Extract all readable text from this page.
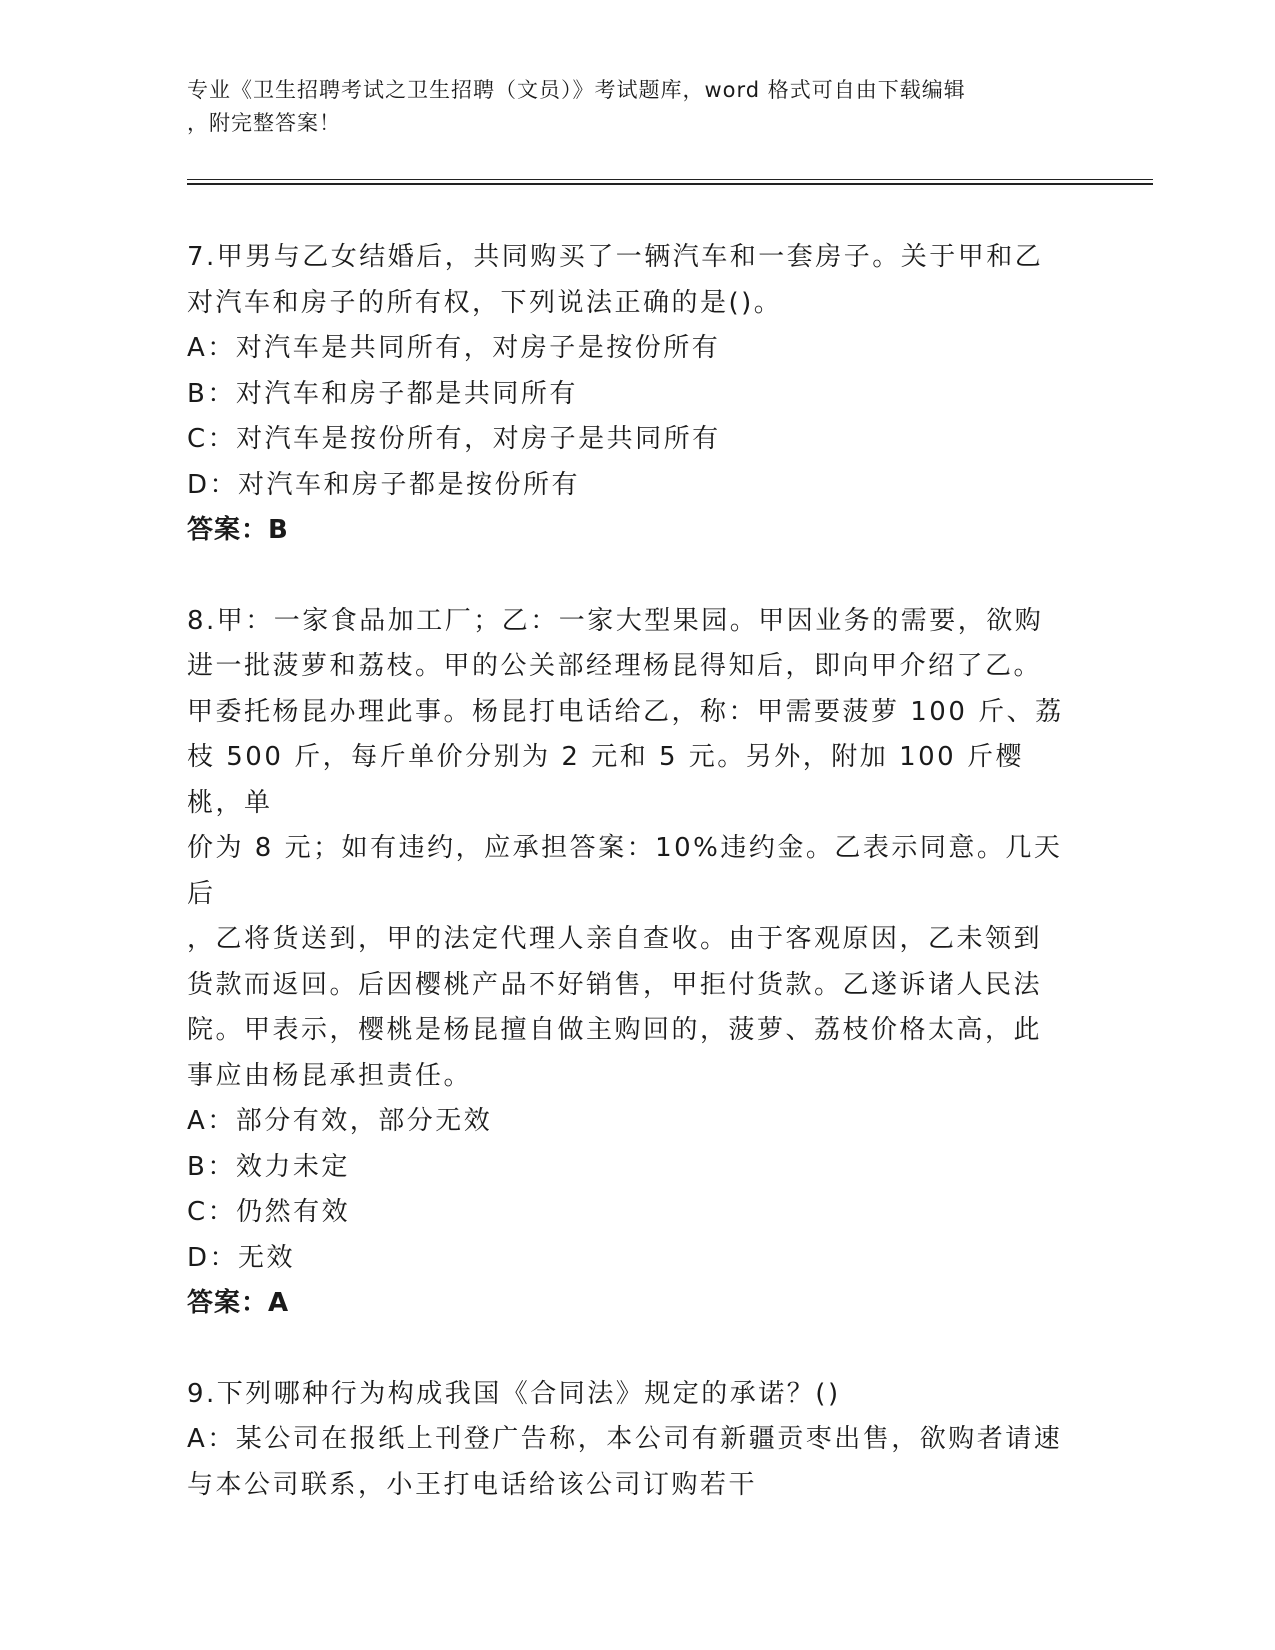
专业《卫生招聘考试之卫生招聘（文员）》考试题库，word 格式可自由下载编辑
，附完整答案！
7.甲男与乙女结婚后，共同购买了一辆汽车和一套房子。关于甲和乙
对汽车和房子的所有权，下列说法正确的是()。
A：对汽车是共同所有，对房子是按份所有
B：对汽车和房子都是共同所有
C：对汽车是按份所有，对房子是共同所有
D：对汽车和房子都是按份所有
答案：B
8.甲：一家食品加工厂；乙：一家大型果园。甲因业务的需要，欲购
进一批菠萝和荔枝。甲的公关部经理杨昆得知后，即向甲介绍了乙。
甲委托杨昆办理此事。杨昆打电话给乙，称：甲需要菠萝 100 斤、荔
枝 500 斤，每斤单价分别为 2 元和 5 元。另外，附加 100 斤樱桃，单
价为 8 元；如有违约，应承担答案：10%违约金。乙表示同意。几天后
，乙将货送到，甲的法定代理人亲自查收。由于客观原因，乙未领到
货款而返回。后因樱桃产品不好销售，甲拒付货款。乙遂诉诸人民法
院。甲表示，樱桃是杨昆擅自做主购回的，菠萝、荔枝价格太高，此
事应由杨昆承担责任。
A：部分有效，部分无效
B：效力未定
C：仍然有效
D：无效
答案：A
9.下列哪种行为构成我国《合同法》规定的承诺？()
A：某公司在报纸上刊登广告称，本公司有新疆贡枣出售，欲购者请速
与本公司联系，小王打电话给该公司订购若干
